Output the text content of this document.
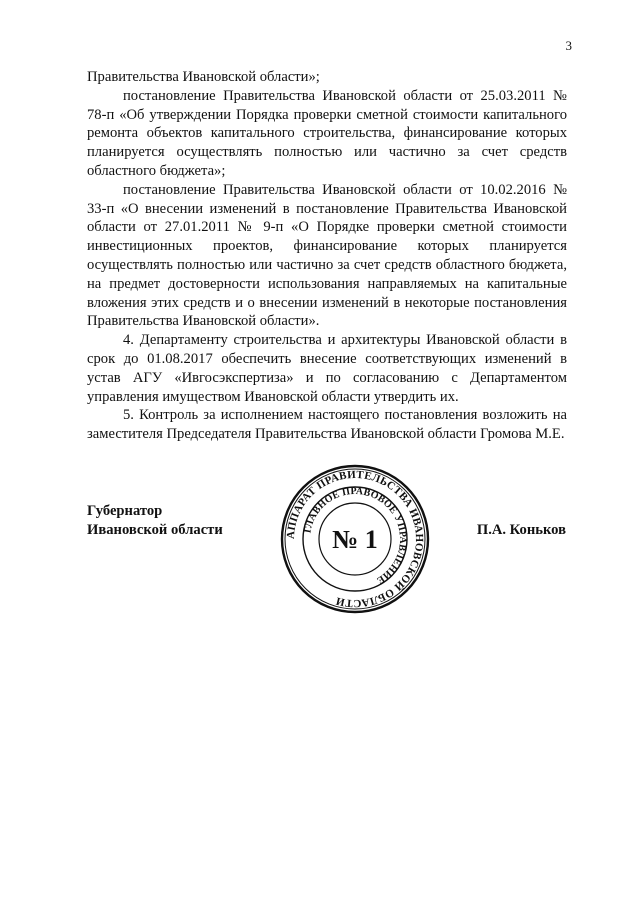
3

Правительства Ивановской области»;

постановление Правительства Ивановской области от 25.03.2011 № 78-п «Об утверждении Порядка проверки сметной стоимости капитального ремонта объектов капитального строительства, финансирование которых планируется осуществлять полностью или частично за счет средств областного бюджета»;

постановление Правительства Ивановской области от 10.02.2016 № 33-п «О внесении изменений в постановление Правительства Ивановской области от 27.01.2011 № 9-п «О Порядке проверки сметной стоимости инвестиционных проектов, финансирование которых планируется осуществлять полностью или частично за счет средств областного бюджета, на предмет достоверности использования направляемых на капитальные вложения этих средств и о внесении изменений в некоторые постановления Правительства Ивановской области».

4. Департаменту строительства и архитектуры Ивановской области в срок до 01.08.2017 обеспечить внесение соответствующих изменений в устав АГУ «Ивгосэкспертиза» и по согласованию с Департаментом управления имуществом Ивановской области утвердить их.

5. Контроль за исполнением настоящего постановления возложить на заместителя Председателя Правительства Ивановской области Громова М.Е.

Губернатор
Ивановской области	АППАРАТ ПРАВИТЕЛЬСТВА ИВАНОВСКОЙ ОБЛАСТИ
ГЛАВНОЕ ПРАВОВОЕ УПРАВЛЕНИЕ
№ 1	П.А. Коньков
